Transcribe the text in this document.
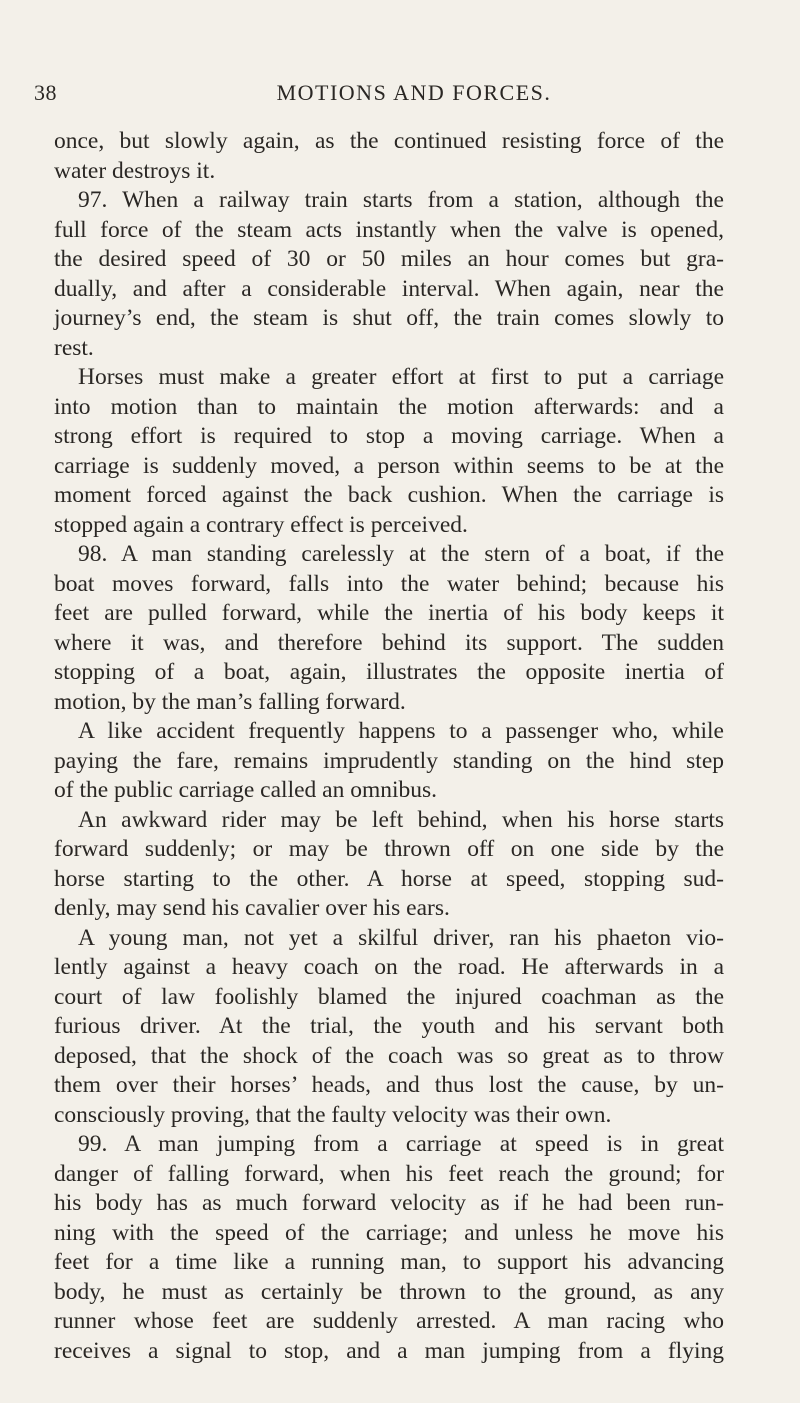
38	MOTIONS AND FORCES.
once, but slowly again, as the continued resisting force of the
water destroys it.
97. When a railway train starts from a station, although the
full force of the steam acts instantly when the valve is opened,
the desired speed of 30 or 50 miles an hour comes but gra-
dually, and after a considerable interval. When again, near the
journey’s end, the steam is shut off, the train comes slowly to
rest.
Horses must make a greater effort at first to put a carriage
into motion than to maintain the motion afterwards: and a
strong effort is required to stop a moving carriage. When a
carriage is suddenly moved, a person within seems to be at the
moment forced against the back cushion. When the carriage is
stopped again a contrary effect is perceived.
98. A man standing carelessly at the stern of a boat, if the
boat moves forward, falls into the water behind; because his
feet are pulled forward, while the inertia of his body keeps it
where it was, and therefore behind its support. The sudden
stopping of a boat, again, illustrates the opposite inertia of
motion, by the man’s falling forward.
A like accident frequently happens to a passenger who, while
paying the fare, remains imprudently standing on the hind step
of the public carriage called an omnibus.
An awkward rider may be left behind, when his horse starts
forward suddenly; or may be thrown off on one side by the
horse starting to the other. A horse at speed, stopping sud-
denly, may send his cavalier over his ears.
A young man, not yet a skilful driver, ran his phaeton vio-
lently against a heavy coach on the road. He afterwards in a
court of law foolishly blamed the injured coachman as the
furious driver. At the trial, the youth and his servant both
deposed, that the shock of the coach was so great as to throw
them over their horses’ heads, and thus lost the cause, by un-
consciously proving, that the faulty velocity was their own.
99. A man jumping from a carriage at speed is in great
danger of falling forward, when his feet reach the ground; for
his body has as much forward velocity as if he had been run-
ning with the speed of the carriage; and unless he move his
feet for a time like a running man, to support his advancing
body, he must as certainly be thrown to the ground, as any
runner whose feet are suddenly arrested. A man racing who
receives a signal to stop, and a man jumping from a flying
